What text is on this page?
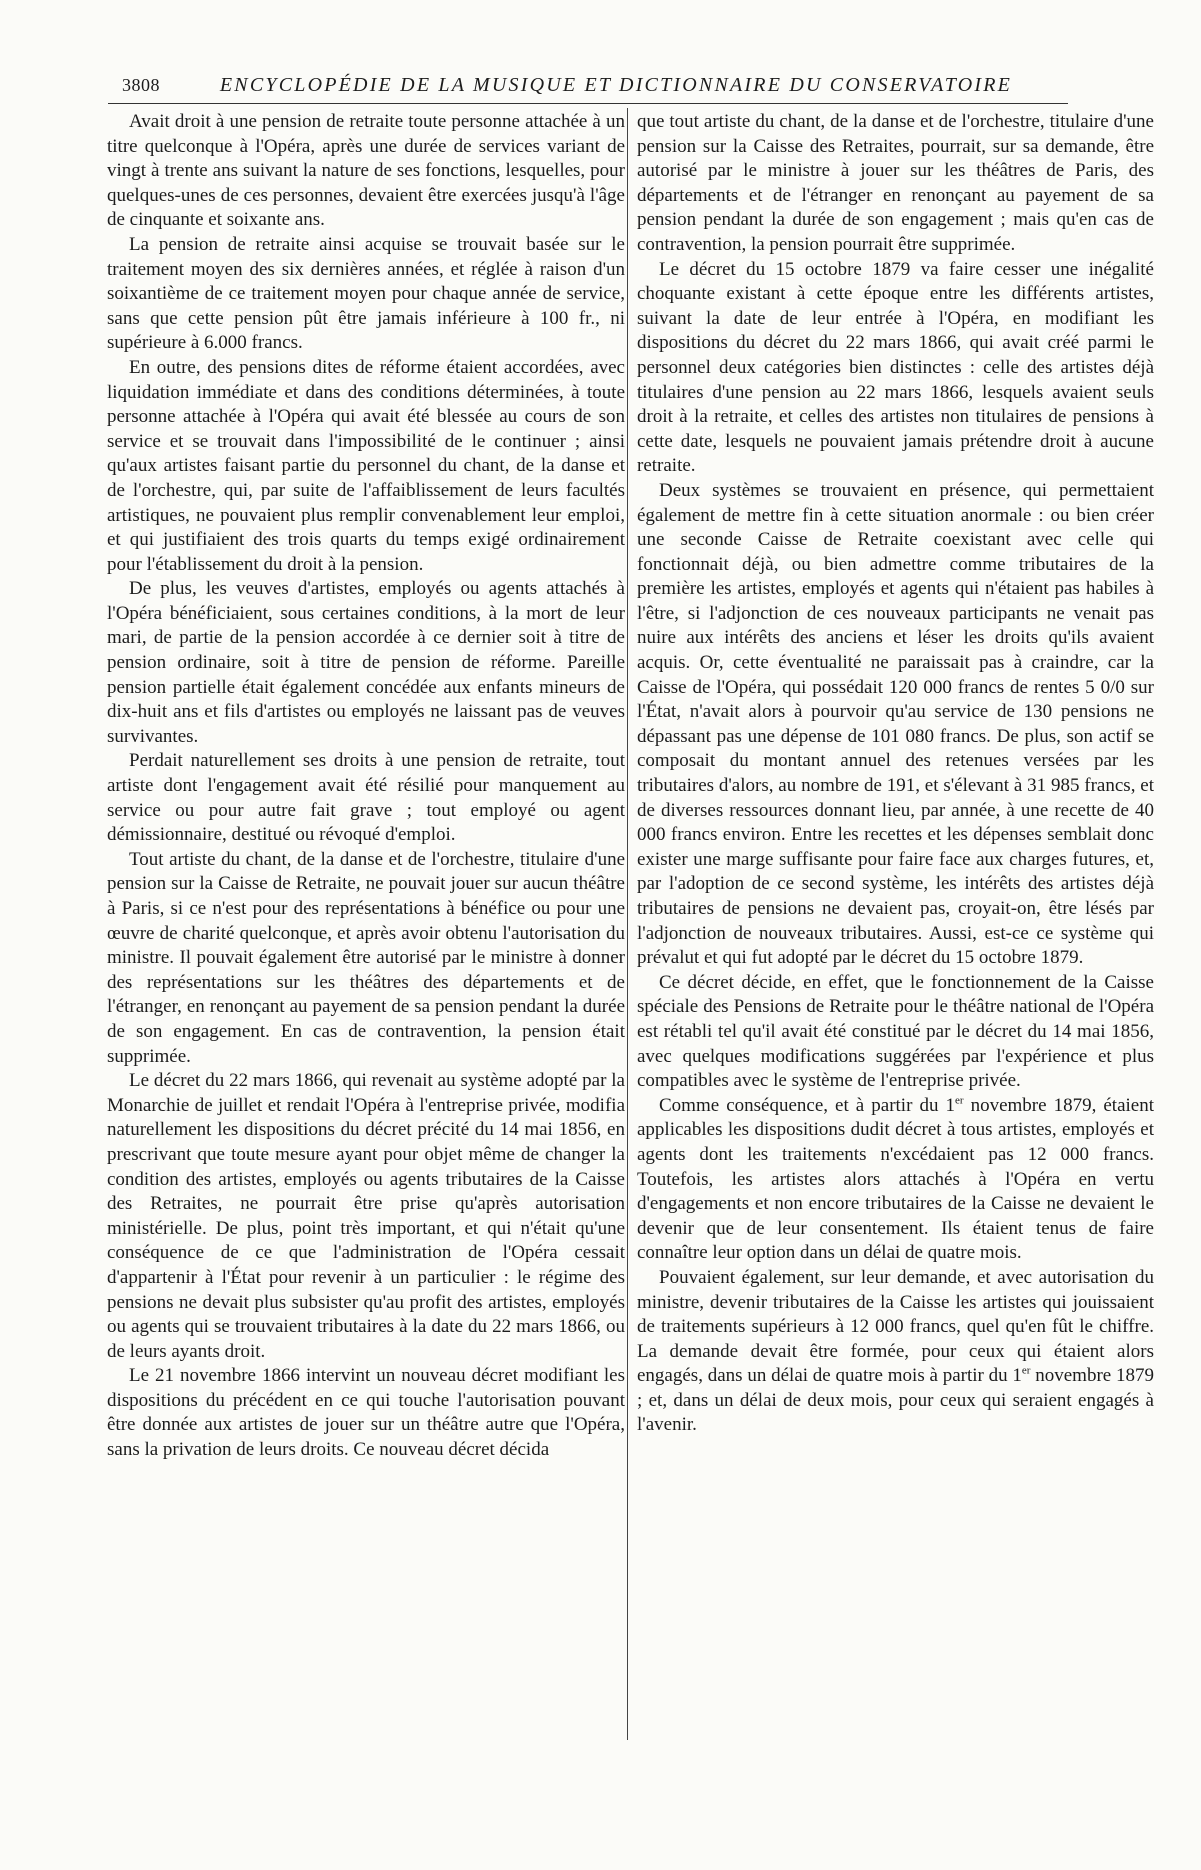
3808	ENCYCLOPÉDIE DE LA MUSIQUE ET DICTIONNAIRE DU CONSERVATOIRE

Avait droit à une pension de retraite toute personne attachée à un titre quelconque à l'Opéra, après une durée de services variant de vingt à trente ans suivant la nature de ses fonctions, lesquelles, pour quelques-unes de ces personnes, devaient être exercées jusqu'à l'âge de cinquante et soixante ans.

La pension de retraite ainsi acquise se trouvait basée sur le traitement moyen des six dernières années, et réglée à raison d'un soixantième de ce traitement moyen pour chaque année de service, sans que cette pension pût être jamais inférieure à 100 fr., ni supérieure à 6.000 francs.

En outre, des pensions dites de réforme étaient accordées, avec liquidation immédiate et dans des conditions déterminées, à toute personne attachée à l'Opéra qui avait été blessée au cours de son service et se trouvait dans l'impossibilité de le continuer ; ainsi qu'aux artistes faisant partie du personnel du chant, de la danse et de l'orchestre, qui, par suite de l'affaiblissement de leurs facultés artistiques, ne pouvaient plus remplir convenablement leur emploi, et qui justifiaient des trois quarts du temps exigé ordinairement pour l'établissement du droit à la pension.

De plus, les veuves d'artistes, employés ou agents attachés à l'Opéra bénéficiaient, sous certaines conditions, à la mort de leur mari, de partie de la pension accordée à ce dernier soit à titre de pension ordinaire, soit à titre de pension de réforme. Pareille pension partielle était également concédée aux enfants mineurs de dix-huit ans et fils d'artistes ou employés ne laissant pas de veuves survivantes.

Perdait naturellement ses droits à une pension de retraite, tout artiste dont l'engagement avait été résilié pour manquement au service ou pour autre fait grave ; tout employé ou agent démissionnaire, destitué ou révoqué d'emploi.

Tout artiste du chant, de la danse et de l'orchestre, titulaire d'une pension sur la Caisse de Retraite, ne pouvait jouer sur aucun théâtre à Paris, si ce n'est pour des représentations à bénéfice ou pour une œuvre de charité quelconque, et après avoir obtenu l'autorisation du ministre. Il pouvait également être autorisé par le ministre à donner des représentations sur les théâtres des départements et de l'étranger, en renonçant au payement de sa pension pendant la durée de son engagement. En cas de contravention, la pension était supprimée.

Le décret du 22 mars 1866, qui revenait au système adopté par la Monarchie de juillet et rendait l'Opéra à l'entreprise privée, modifia naturellement les dispositions du décret précité du 14 mai 1856, en prescrivant que toute mesure ayant pour objet même de changer la condition des artistes, employés ou agents tributaires de la Caisse des Retraites, ne pourrait être prise qu'après autorisation ministérielle. De plus, point très important, et qui n'était qu'une conséquence de ce que l'administration de l'Opéra cessait d'appartenir à l'État pour revenir à un particulier : le régime des pensions ne devait plus subsister qu'au profit des artistes, employés ou agents qui se trouvaient tributaires à la date du 22 mars 1866, ou de leurs ayants droit.

Le 21 novembre 1866 intervint un nouveau décret modifiant les dispositions du précédent en ce qui touche l'autorisation pouvant être donnée aux artistes de jouer sur un théâtre autre que l'Opéra, sans la privation de leurs droits. Ce nouveau décret décida

que tout artiste du chant, de la danse et de l'orchestre, titulaire d'une pension sur la Caisse des Retraites, pourrait, sur sa demande, être autorisé par le ministre à jouer sur les théâtres de Paris, des départements et de l'étranger en renonçant au payement de sa pension pendant la durée de son engagement ; mais qu'en cas de contravention, la pension pourrait être supprimée.

Le décret du 15 octobre 1879 va faire cesser une inégalité choquante existant à cette époque entre les différents artistes, suivant la date de leur entrée à l'Opéra, en modifiant les dispositions du décret du 22 mars 1866, qui avait créé parmi le personnel deux catégories bien distinctes : celle des artistes déjà titulaires d'une pension au 22 mars 1866, lesquels avaient seuls droit à la retraite, et celles des artistes non titulaires de pensions à cette date, lesquels ne pouvaient jamais prétendre droit à aucune retraite.

Deux systèmes se trouvaient en présence, qui permettaient également de mettre fin à cette situation anormale : ou bien créer une seconde Caisse de Retraite coexistant avec celle qui fonctionnait déjà, ou bien admettre comme tributaires de la première les artistes, employés et agents qui n'étaient pas habiles à l'être, si l'adjonction de ces nouveaux participants ne venait pas nuire aux intérêts des anciens et léser les droits qu'ils avaient acquis. Or, cette éventualité ne paraissait pas à craindre, car la Caisse de l'Opéra, qui possédait 120 000 francs de rentes 5 0/0 sur l'État, n'avait alors à pourvoir qu'au service de 130 pensions ne dépassant pas une dépense de 101 080 francs. De plus, son actif se composait du montant annuel des retenues versées par les tributaires d'alors, au nombre de 191, et s'élevant à 31 985 francs, et de diverses ressources donnant lieu, par année, à une recette de 40 000 francs environ. Entre les recettes et les dépenses semblait donc exister une marge suffisante pour faire face aux charges futures, et, par l'adoption de ce second système, les intérêts des artistes déjà tributaires de pensions ne devaient pas, croyait-on, être lésés par l'adjonction de nouveaux tributaires. Aussi, est-ce ce système qui prévalut et qui fut adopté par le décret du 15 octobre 1879.

Ce décret décide, en effet, que le fonctionnement de la Caisse spéciale des Pensions de Retraite pour le théâtre national de l'Opéra est rétabli tel qu'il avait été constitué par le décret du 14 mai 1856, avec quelques modifications suggérées par l'expérience et plus compatibles avec le système de l'entreprise privée.

Comme conséquence, et à partir du 1er novembre 1879, étaient applicables les dispositions dudit décret à tous artistes, employés et agents dont les traitements n'excédaient pas 12 000 francs. Toutefois, les artistes alors attachés à l'Opéra en vertu d'engagements et non encore tributaires de la Caisse ne devaient le devenir que de leur consentement. Ils étaient tenus de faire connaître leur option dans un délai de quatre mois.

Pouvaient également, sur leur demande, et avec autorisation du ministre, devenir tributaires de la Caisse les artistes qui jouissaient de traitements supérieurs à 12 000 francs, quel qu'en fût le chiffre. La demande devait être formée, pour ceux qui étaient alors engagés, dans un délai de quatre mois à partir du 1er novembre 1879 ; et, dans un délai de deux mois, pour ceux qui seraient engagés à l'avenir.
